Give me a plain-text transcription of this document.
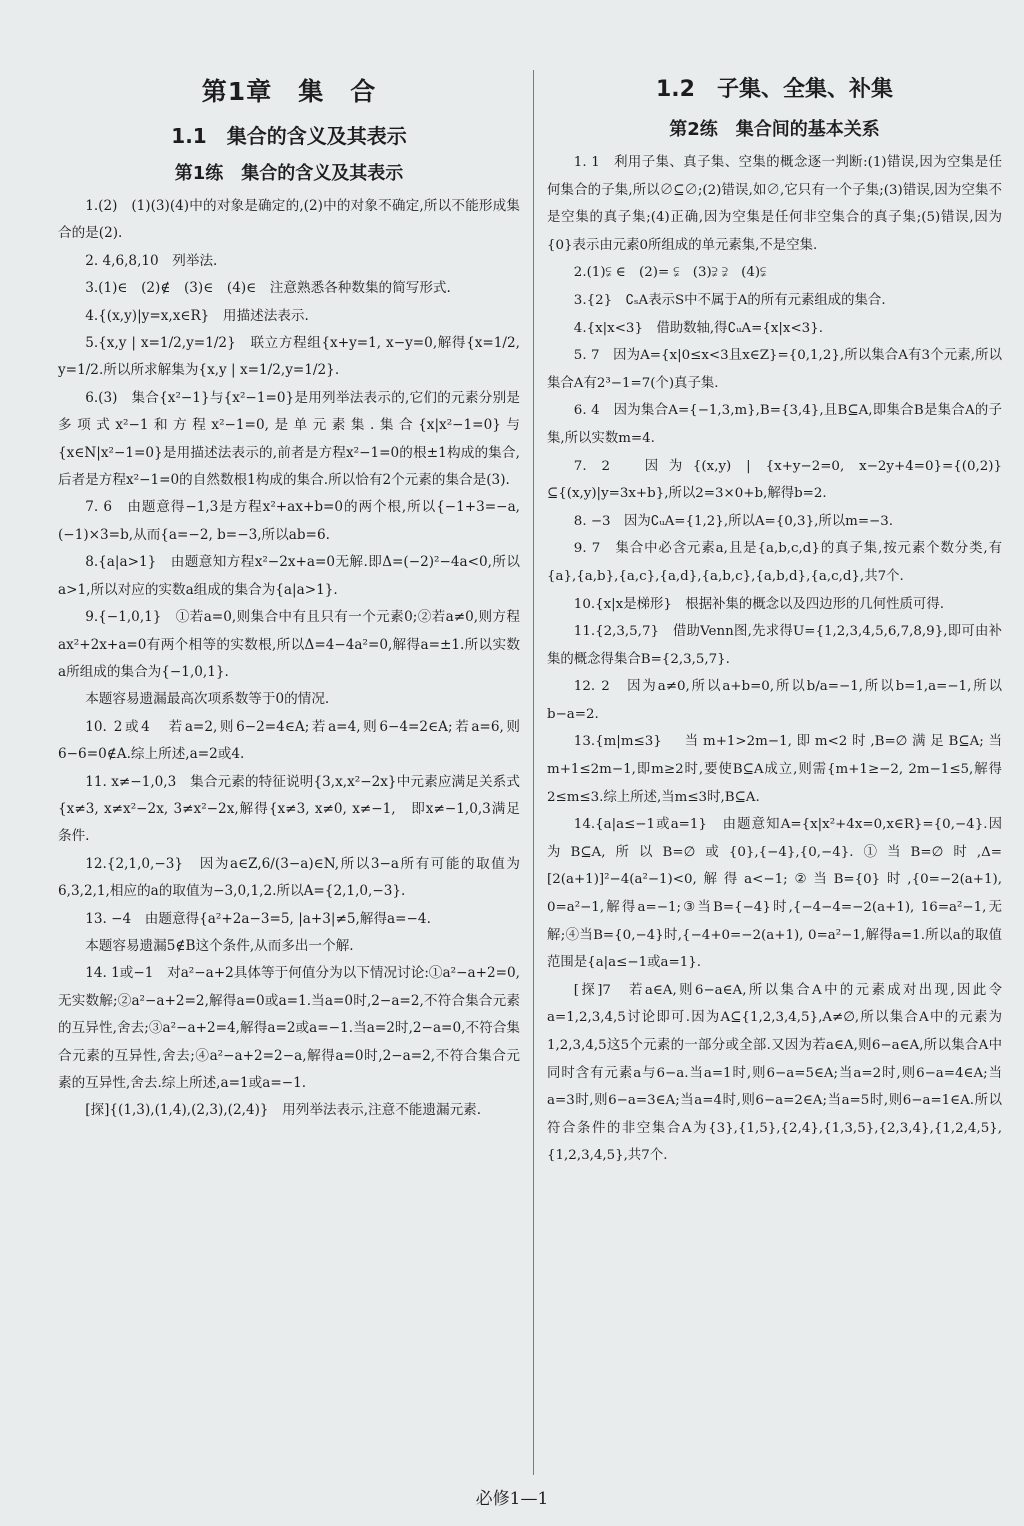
第1章　集　合
1.1　集合的含义及其表示
第1练　集合的含义及其表示

1.(2)　(1)(3)(4)中的对象是确定的,(2)中的对象不确定,所以不能形成集合的是(2).

2. 4,6,8,10　列举法.

3.(1)∈　(2)∉　(3)∈　(4)∈　注意熟悉各种数集的简写形式.

4.{(x,y)|y=x,x∈R}　用描述法表示.

5.{x,y | x=1/2,y=1/2}　联立方程组{x+y=1, x−y=0,解得{x=1/2, y=1/2.所以所求解集为{x,y | x=1/2,y=1/2}.

6.(3)　集合{x²−1}与{x²−1=0}是用列举法表示的,它们的元素分别是多项式x²−1和方程x²−1=0,是单元素集.集合{x|x²−1=0}与{x∈N|x²−1=0}是用描述法表示的,前者是方程x²−1=0的根±1构成的集合,后者是方程x²−1=0的自然数根1构成的集合.所以恰有2个元素的集合是(3).

7. 6　由题意得−1,3是方程x²+ax+b=0的两个根,所以{−1+3=−a, (−1)×3=b,从而{a=−2, b=−3,所以ab=6.

8.{a|a>1}　由题意知方程x²−2x+a=0无解.即Δ=(−2)²−4a<0,所以a>1,所以对应的实数a组成的集合为{a|a>1}.

9.{−1,0,1}　①若a=0,则集合中有且只有一个元素0;②若a≠0,则方程ax²+2x+a=0有两个相等的实数根,所以Δ=4−4a²=0,解得a=±1.所以实数a所组成的集合为{−1,0,1}.

本题容易遗漏最高次项系数等于0的情况.

10. 2或4　若a=2,则6−2=4∈A;若a=4,则6−4=2∈A;若a=6,则6−6=0∉A.综上所述,a=2或4.

11. x≠−1,0,3　集合元素的特征说明{3,x,x²−2x}中元素应满足关系式{x≠3, x≠x²−2x, 3≠x²−2x,解得{x≠3, x≠0, x≠−1,　即x≠−1,0,3满足条件.

12.{2,1,0,−3}　因为a∈Z,6/(3−a)∈N,所以3−a所有可能的取值为6,3,2,1,相应的a的取值为−3,0,1,2.所以A={2,1,0,−3}.

13. −4　由题意得{a²+2a−3=5, |a+3|≠5,解得a=−4.

本题容易遗漏5∉B这个条件,从而多出一个解.

14. 1或−1　对a²−a+2具体等于何值分为以下情况讨论:①a²−a+2=0,无实数解;②a²−a+2=2,解得a=0或a=1.当a=0时,2−a=2,不符合集合元素的互异性,舍去;③a²−a+2=4,解得a=2或a=−1.当a=2时,2−a=0,不符合集合元素的互异性,舍去;④a²−a+2=2−a,解得a=0时,2−a=2,不符合集合元素的互异性,舍去.综上所述,a=1或a=−1.

[探]{(1,3),(1,4),(2,3),(2,4)}　用列举法表示,注意不能遗漏元素.

1.2　子集、全集、补集
第2练　集合间的基本关系

1. 1　利用子集、真子集、空集的概念逐一判断:(1)错误,因为空集是任何集合的子集,所以∅⊆∅;(2)错误,如∅,它只有一个子集;(3)错误,因为空集不是空集的真子集;(4)正确,因为空集是任何非空集合的真子集;(5)错误,因为{0}表示由元素0所组成的单元素集,不是空集.

2.(1)⫋ ∈　(2)= ⫋　(3)⫌ ⫌　(4)⫋

3.{2}　∁ₛA表示S中不属于A的所有元素组成的集合.

4.{x|x<3}　借助数轴,得∁ᵤA={x|x<3}.

5. 7　因为A={x|0≤x<3且x∈Z}={0,1,2},所以集合A有3个元素,所以集合A有2³−1=7(个)真子集.

6. 4　因为集合A={−1,3,m},B={3,4},且B⊆A,即集合B是集合A的子集,所以实数m=4.

7. 2　因为{(x,y) | {x+y−2=0, x−2y+4=0}={(0,2)}⊆{(x,y)|y=3x+b},所以2=3×0+b,解得b=2.

8. −3　因为∁ᵤA={1,2},所以A={0,3},所以m=−3.

9. 7　集合中必含元素a,且是{a,b,c,d}的真子集,按元素个数分类,有{a},{a,b},{a,c},{a,d},{a,b,c},{a,b,d},{a,c,d},共7个.

10.{x|x是梯形}　根据补集的概念以及四边形的几何性质可得.

11.{2,3,5,7}　借助Venn图,先求得U={1,2,3,4,5,6,7,8,9},即可由补集的概念得集合B={2,3,5,7}.

12. 2　因为a≠0,所以a+b=0,所以b/a=−1,所以b=1,a=−1,所以b−a=2.

13.{m|m≤3}　当m+1>2m−1,即m<2时,B=∅满足B⊆A;当m+1≤2m−1,即m≥2时,要使B⊆A成立,则需{m+1≥−2, 2m−1≤5,解得2≤m≤3.综上所述,当m≤3时,B⊆A.

14.{a|a≤−1或a=1}　由题意知A={x|x²+4x=0,x∈R}={0,−4}.因为B⊆A,所以B=∅或{0},{−4},{0,−4}.①当B=∅时,Δ=[2(a+1)]²−4(a²−1)<0,解得a<−1;②当B={0}时,{0=−2(a+1), 0=a²−1,解得a=−1;③当B={−4}时,{−4−4=−2(a+1), 16=a²−1,无解;④当B={0,−4}时,{−4+0=−2(a+1), 0=a²−1,解得a=1.所以a的取值范围是{a|a≤−1或a=1}.

[探]7　若a∈A,则6−a∈A,所以集合A中的元素成对出现,因此令a=1,2,3,4,5讨论即可.因为A⊆{1,2,3,4,5},A≠∅,所以集合A中的元素为1,2,3,4,5这5个元素的一部分或全部.又因为若a∈A,则6−a∈A,所以集合A中同时含有元素a与6−a.当a=1时,则6−a=5∈A;当a=2时,则6−a=4∈A;当a=3时,则6−a=3∈A;当a=4时,则6−a=2∈A;当a=5时,则6−a=1∈A.所以符合条件的非空集合A为{3},{1,5},{2,4},{1,3,5},{2,3,4},{1,2,4,5},{1,2,3,4,5},共7个.

必修1—1
